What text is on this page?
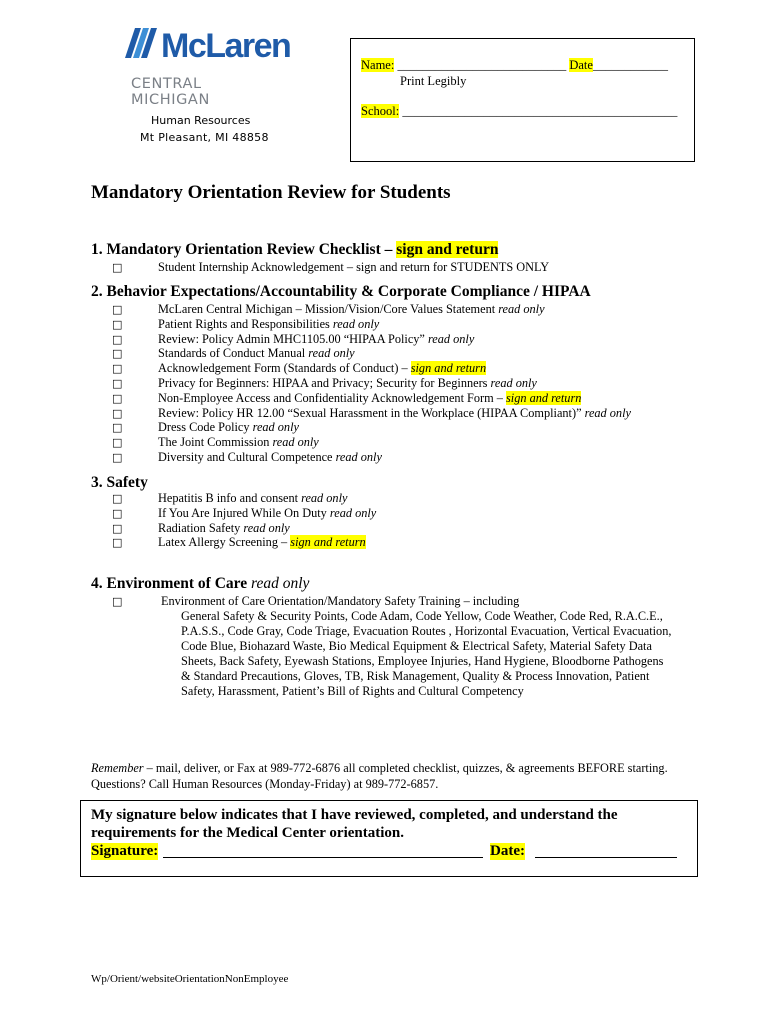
McLaren
CENTRAL MICHIGAN
Human Resources
Mt Pleasant, MI 48858
Name: ___________________________ Date____________
Print Legibly
School: ____________________________________________
Mandatory Orientation Review for Students
1. Mandatory Orientation Review Checklist – sign and return
□	Student Internship Acknowledgement – sign and return for STUDENTS ONLY
2. Behavior Expectations/Accountability & Corporate Compliance / HIPAA
□	McLaren Central Michigan – Mission/Vision/Core Values Statement read only
□	Patient Rights and Responsibilities read only
□	Review: Policy Admin MHC1105.00 “HIPAA Policy” read only
□	Standards of Conduct Manual read only
□	Acknowledgement Form (Standards of Conduct) – sign and return
□	Privacy for Beginners: HIPAA and Privacy; Security for Beginners read only
□	Non-Employee Access and Confidentiality Acknowledgement Form – sign and return
□	Review: Policy HR 12.00 “Sexual Harassment in the Workplace (HIPAA Compliant)” read only
□	Dress Code Policy read only
□	The Joint Commission read only
□	Diversity and Cultural Competence read only
3. Safety
□	Hepatitis B info and consent read only
□	If You Are Injured While On Duty read only
□	Radiation Safety read only
□	Latex Allergy Screening – sign and return
4. Environment of Care read only
□	Environment of Care Orientation/Mandatory Safety Training – including
General Safety & Security Points, Code Adam, Code Yellow, Code Weather, Code Red, R.A.C.E.,
P.A.S.S., Code Gray, Code Triage, Evacuation Routes , Horizontal Evacuation, Vertical Evacuation,
Code Blue, Biohazard Waste, Bio Medical Equipment & Electrical Safety, Material Safety Data
Sheets, Back Safety, Eyewash Stations, Employee Injuries, Hand Hygiene, Bloodborne Pathogens
& Standard Precautions, Gloves, TB, Risk Management, Quality & Process Innovation, Patient
Safety, Harassment, Patient’s Bill of Rights and Cultural Competency
Remember – mail, deliver, or Fax at 989-772-6876 all completed checklist, quizzes, & agreements BEFORE starting.
Questions? Call Human Resources (Monday-Friday) at 989-772-6857.
My signature below indicates that I have reviewed, completed, and understand the requirements for the Medical Center orientation.
Signature:	Date:
Wp/Orient/websiteOrientationNonEmployee
